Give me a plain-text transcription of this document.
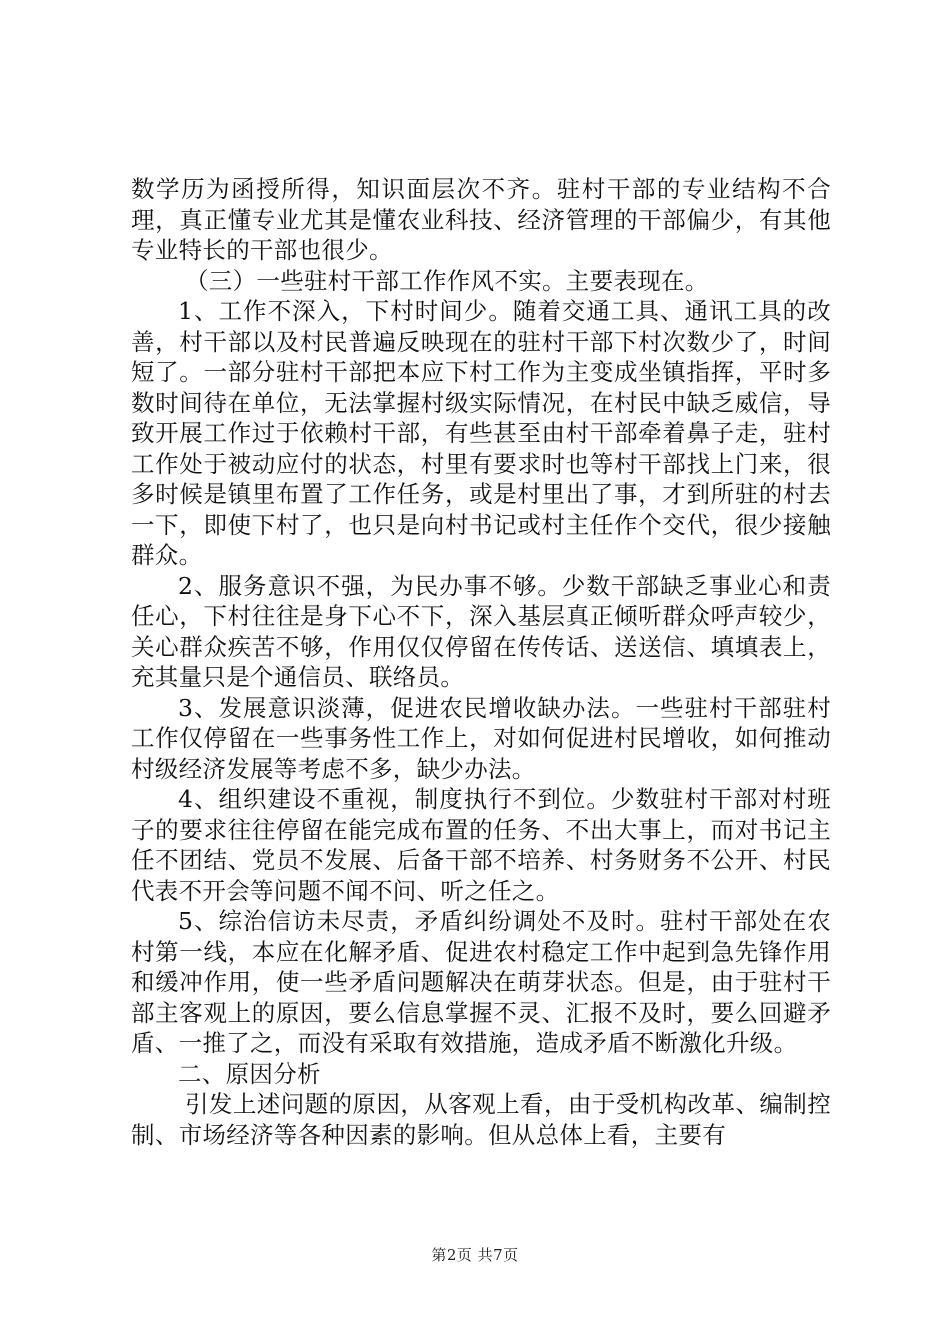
数学历为函授所得，知识面层次不齐。驻村干部的专业结构不合理，真正懂专业尤其是懂农业科技、经济管理的干部偏少，有其他专业特长的干部也很少。

（三）一些驻村干部工作作风不实。主要表现在。

1、工作不深入，下村时间少。随着交通工具、通讯工具的改善，村干部以及村民普遍反映现在的驻村干部下村次数少了，时间短了。一部分驻村干部把本应下村工作为主变成坐镇指挥，平时多数时间待在单位，无法掌握村级实际情况，在村民中缺乏威信，导致开展工作过于依赖村干部，有些甚至由村干部牵着鼻子走，驻村工作处于被动应付的状态，村里有要求时也等村干部找上门来，很多时候是镇里布置了工作任务，或是村里出了事，才到所驻的村去一下，即使下村了，也只是向村书记或村主任作个交代，很少接触群众。

2、服务意识不强，为民办事不够。少数干部缺乏事业心和责任心，下村往往是身下心不下，深入基层真正倾听群众呼声较少，关心群众疾苦不够，作用仅仅停留在传传话、送送信、填填表上，充其量只是个通信员、联络员。

3、发展意识淡薄，促进农民增收缺办法。一些驻村干部驻村工作仅停留在一些事务性工作上，对如何促进村民增收，如何推动村级经济发展等考虑不多，缺少办法。

4、组织建设不重视，制度执行不到位。少数驻村干部对村班子的要求往往停留在能完成布置的任务、不出大事上，而对书记主任不团结、党员不发展、后备干部不培养、村务财务不公开、村民代表不开会等问题不闻不问、听之任之。

5、综治信访未尽责，矛盾纠纷调处不及时。驻村干部处在农村第一线，本应在化解矛盾、促进农村稳定工作中起到急先锋作用和缓冲作用，使一些矛盾问题解决在萌芽状态。但是，由于驻村干部主客观上的原因，要么信息掌握不灵、汇报不及时，要么回避矛盾、一推了之，而没有采取有效措施，造成矛盾不断激化升级。

二、原因分析

引发上述问题的原因，从客观上看，由于受机构改革、编制控制、市场经济等各种因素的影响。但从总体上看，主要有

第2页 共7页
